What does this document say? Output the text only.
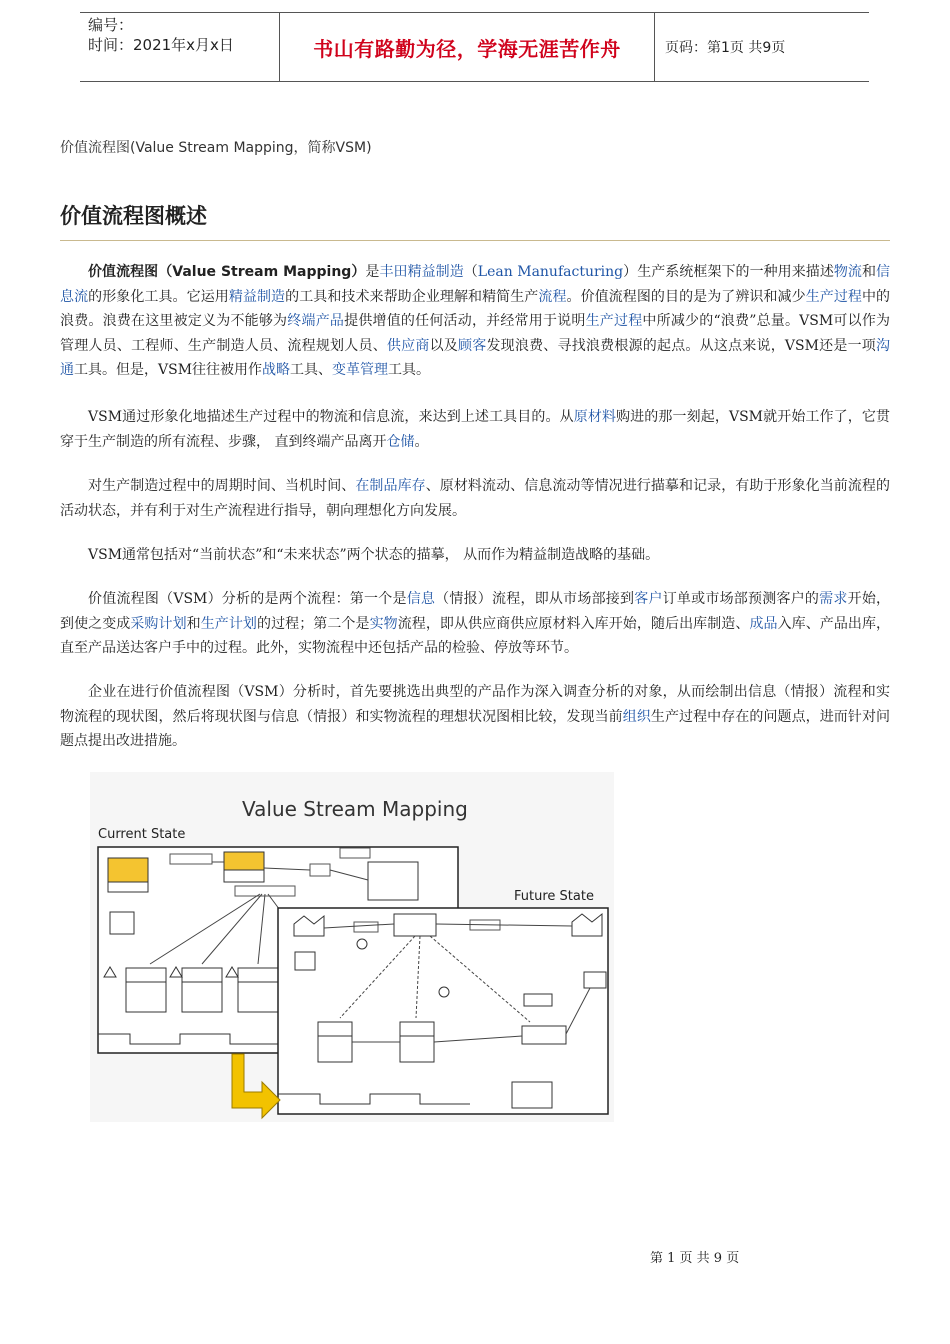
编号：
时间：2021年x月x日	书山有路勤为径，学海无涯苦作舟	页码：第1页 共9页
价值流程图(Value Stream Mapping，简称VSM)
价值流程图概述

价值流程图（Value Stream Mapping）是丰田精益制造（Lean Manufacturing）生产系统框架下的一种用来描述物流和信息流的形象化工具。它运用精益制造的工具和技术来帮助企业理解和精简生产流程。价值流程图的目的是为了辨识和减少生产过程中的浪费。浪费在这里被定义为不能够为终端产品提供增值的任何活动，并经常用于说明生产过程中所减少的“浪费”总量。VSM可以作为管理人员、工程师、生产制造人员、流程规划人员、供应商以及顾客发现浪费、寻找浪费根源的起点。从这点来说，VSM还是一项沟通工具。但是，VSM往往被用作战略工具、变革管理工具。

VSM通过形象化地描述生产过程中的物流和信息流，来达到上述工具目的。从原材料购进的那一刻起，VSM就开始工作了，它贯穿于生产制造的所有流程、步骤， 直到终端产品离开仓储。

对生产制造过程中的周期时间、当机时间、在制品库存、原材料流动、信息流动等情况进行描摹和记录，有助于形象化当前流程的活动状态，并有利于对生产流程进行指导，朝向理想化方向发展。

VSM通常包括对“当前状态”和“未来状态”两个状态的描摹， 从而作为精益制造战略的基础。

价值流程图（VSM）分析的是两个流程：第一个是信息（情报）流程，即从市场部接到客户订单或市场部预测客户的需求开始，到使之变成采购计划和生产计划的过程；第二个是实物流程，即从供应商供应原材料入库开始，随后出库制造、成品入库、产品出库，直至产品送达客户手中的过程。此外，实物流程中还包括产品的检验、停放等环节。

企业在进行价值流程图（VSM）分析时，首先要挑选出典型的产品作为深入调查分析的对象，从而绘制出信息（情报）流程和实物流程的现状图，然后将现状图与信息（情报）和实物流程的理想状况图相比较，发现当前组织生产过程中存在的问题点，进而针对问题点提出改进措施。

Value Stream Mapping
Current State
Future State
第 1 页 共 9 页
